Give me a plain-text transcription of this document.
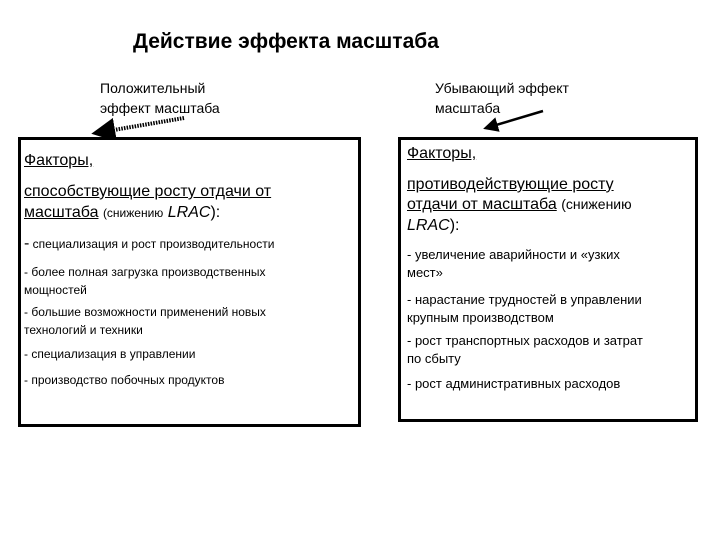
Действие эффекта масштаба
Положительный
эффект масштаба
Убывающий эффект
масштаба
Факторы,
способствующие росту отдачи от
масштаба (снижению LRAC):
- специализация и рост производительности
- более полная загрузка производственных
мощностей
- большие возможности применений новых
технологий и техники
- специализация в управлении
- производство побочных продуктов
Факторы,
противодействующие росту
отдачи от масштаба (снижению
LRAC):
- увеличение аварийности и «узких
мест»
- нарастание трудностей в управлении
крупным производством
- рост транспортных расходов и затрат
по сбыту
- рост административных расходов
